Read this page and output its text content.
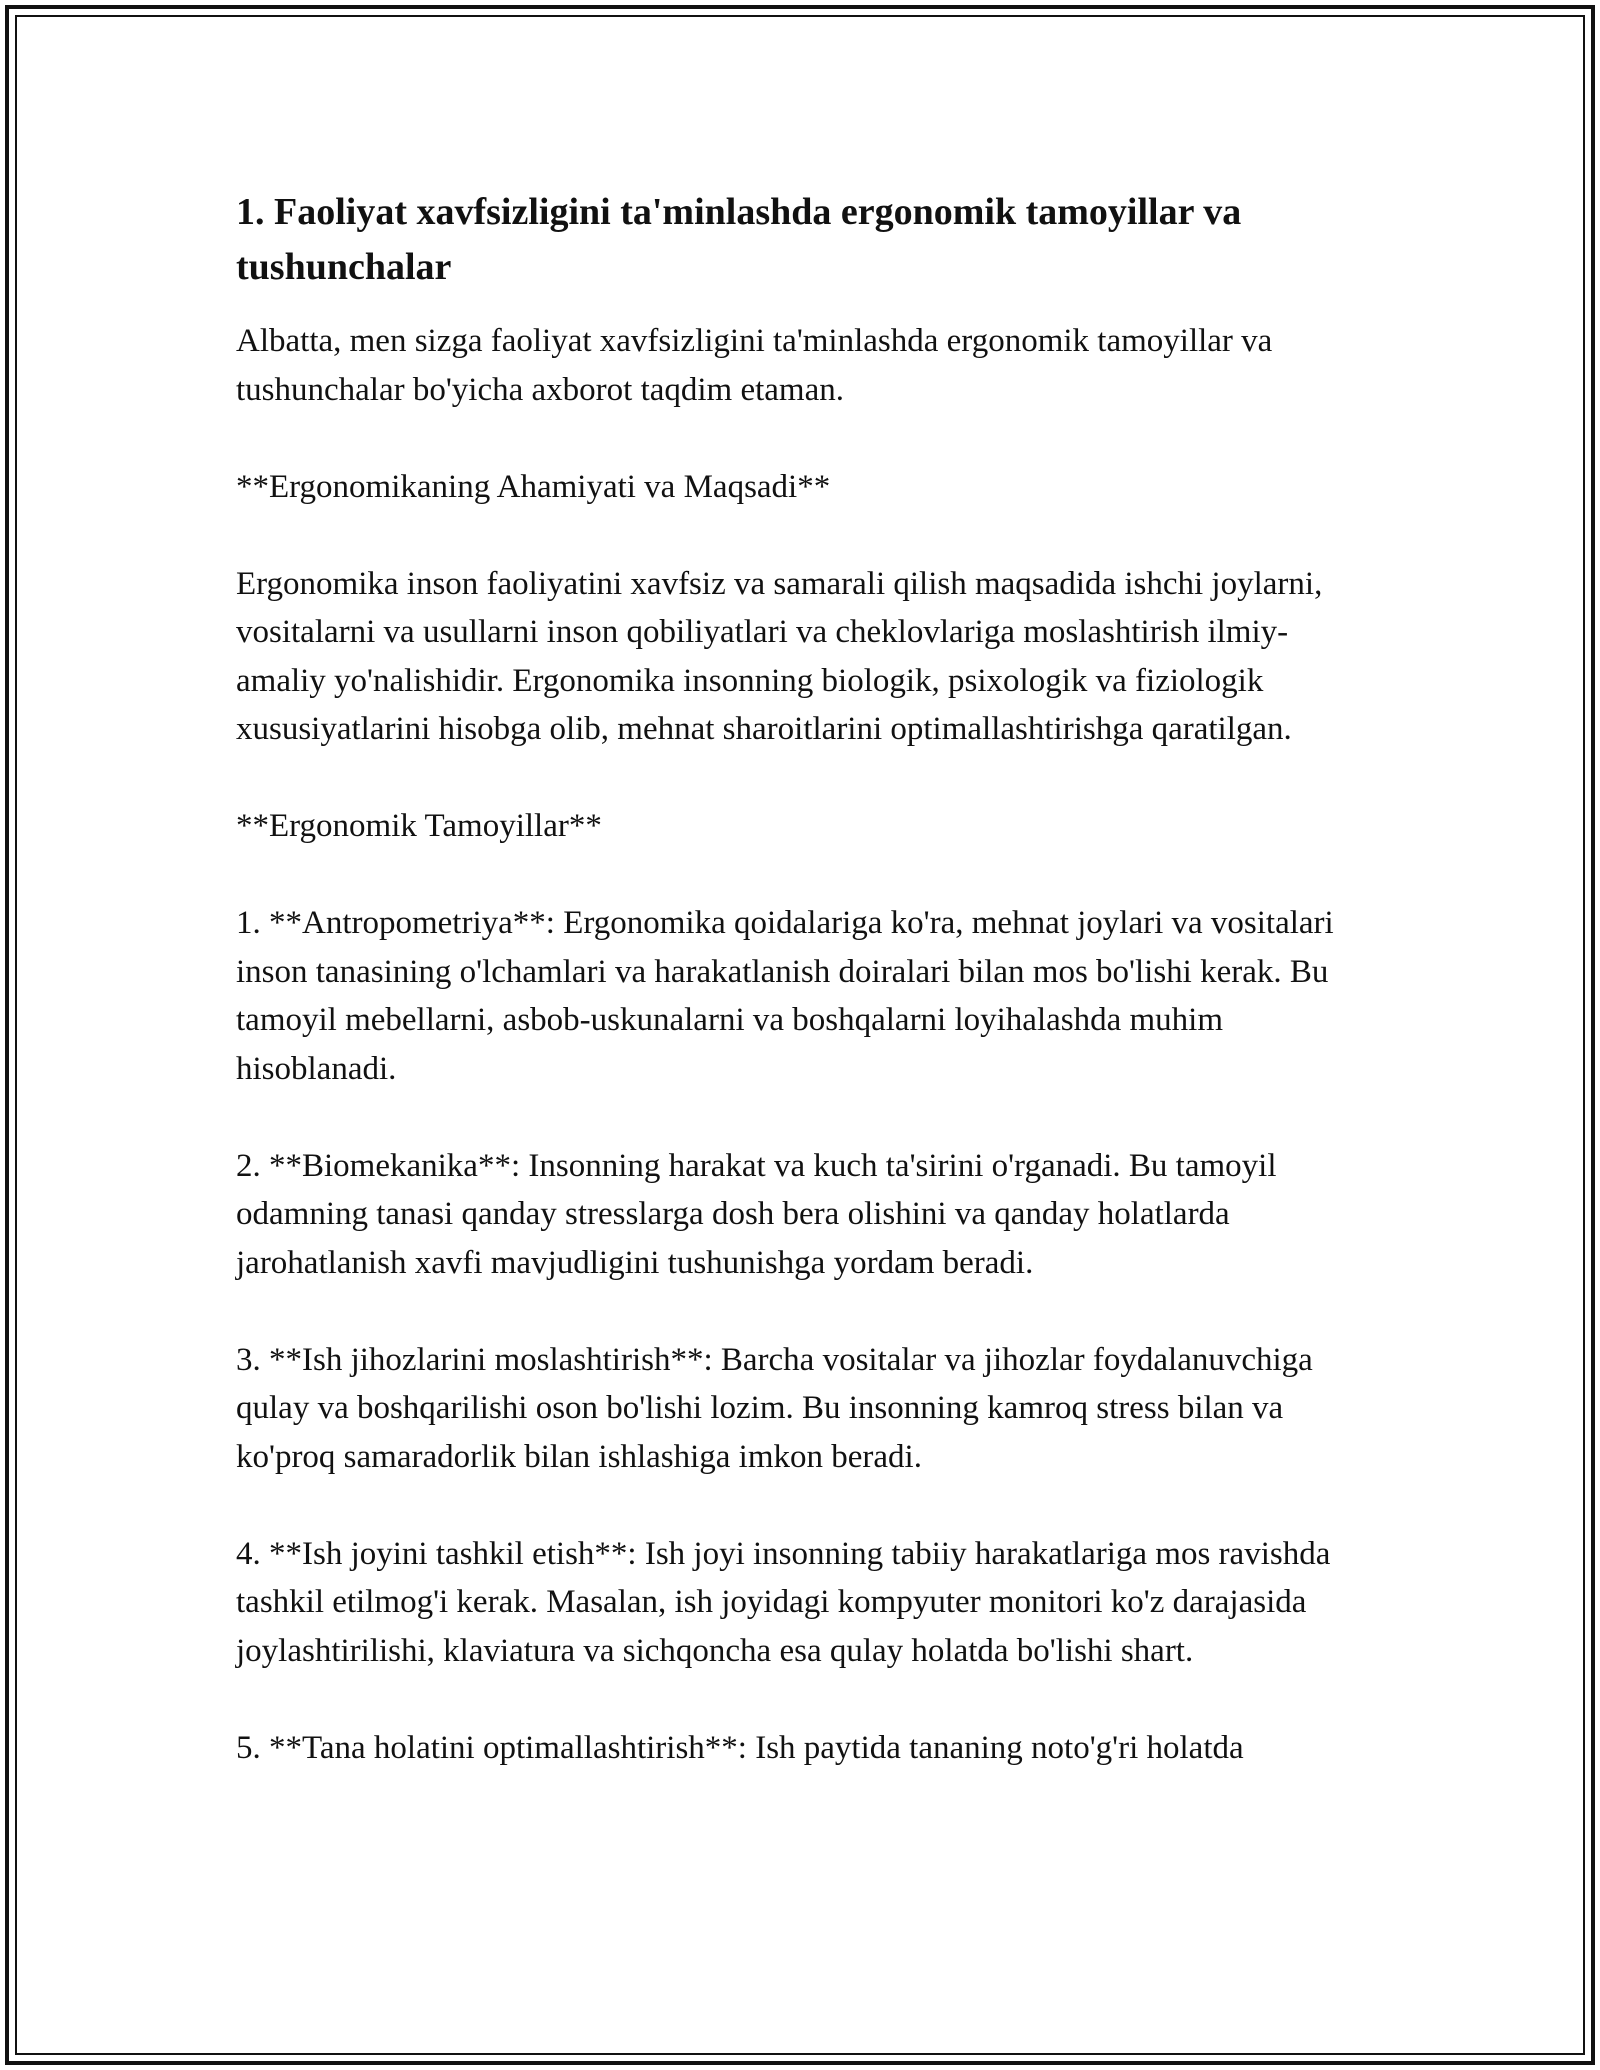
1. Faoliyat xavfsizligini ta'minlashda ergonomik tamoyillar va tushunchalar

Albatta, men sizga faoliyat xavfsizligini ta'minlashda ergonomik tamoyillar va tushunchalar bo'yicha axborot taqdim etaman.

**Ergonomikaning Ahamiyati va Maqsadi**

Ergonomika inson faoliyatini xavfsiz va samarali qilish maqsadida ishchi joylarni, vositalarni va usullarni inson qobiliyatlari va cheklovlariga moslashtirish ilmiy-amaliy yo'nalishidir. Ergonomika insonning biologik, psixologik va fiziologik xususiyatlarini hisobga olib, mehnat sharoitlarini optimallashtirishga qaratilgan.

**Ergonomik Tamoyillar**

1. **Antropometriya**: Ergonomika qoidalariga ko'ra, mehnat joylari va vositalari inson tanasining o'lchamlari va harakatlanish doiralari bilan mos bo'lishi kerak. Bu tamoyil mebellarni, asbob-uskunalarni va boshqalarni loyihalashda muhim hisoblanadi.

2. **Biomekanika**: Insonning harakat va kuch ta'sirini o'rganadi. Bu tamoyil odamning tanasi qanday stresslarga dosh bera olishini va qanday holatlarda jarohatlanish xavfi mavjudligini tushunishga yordam beradi.

3. **Ish jihozlarini moslashtirish**: Barcha vositalar va jihozlar foydalanuvchiga qulay va boshqarilishi oson bo'lishi lozim. Bu insonning kamroq stress bilan va ko'proq samaradorlik bilan ishlashiga imkon beradi.

4. **Ish joyini tashkil etish**: Ish joyi insonning tabiiy harakatlariga mos ravishda tashkil etilmog'i kerak. Masalan, ish joyidagi kompyuter monitori ko'z darajasida joylashtirilishi, klaviatura va sichqoncha esa qulay holatda bo'lishi shart.

5. **Tana holatini optimallashtirish**: Ish paytida tananing noto'g'ri holatda
